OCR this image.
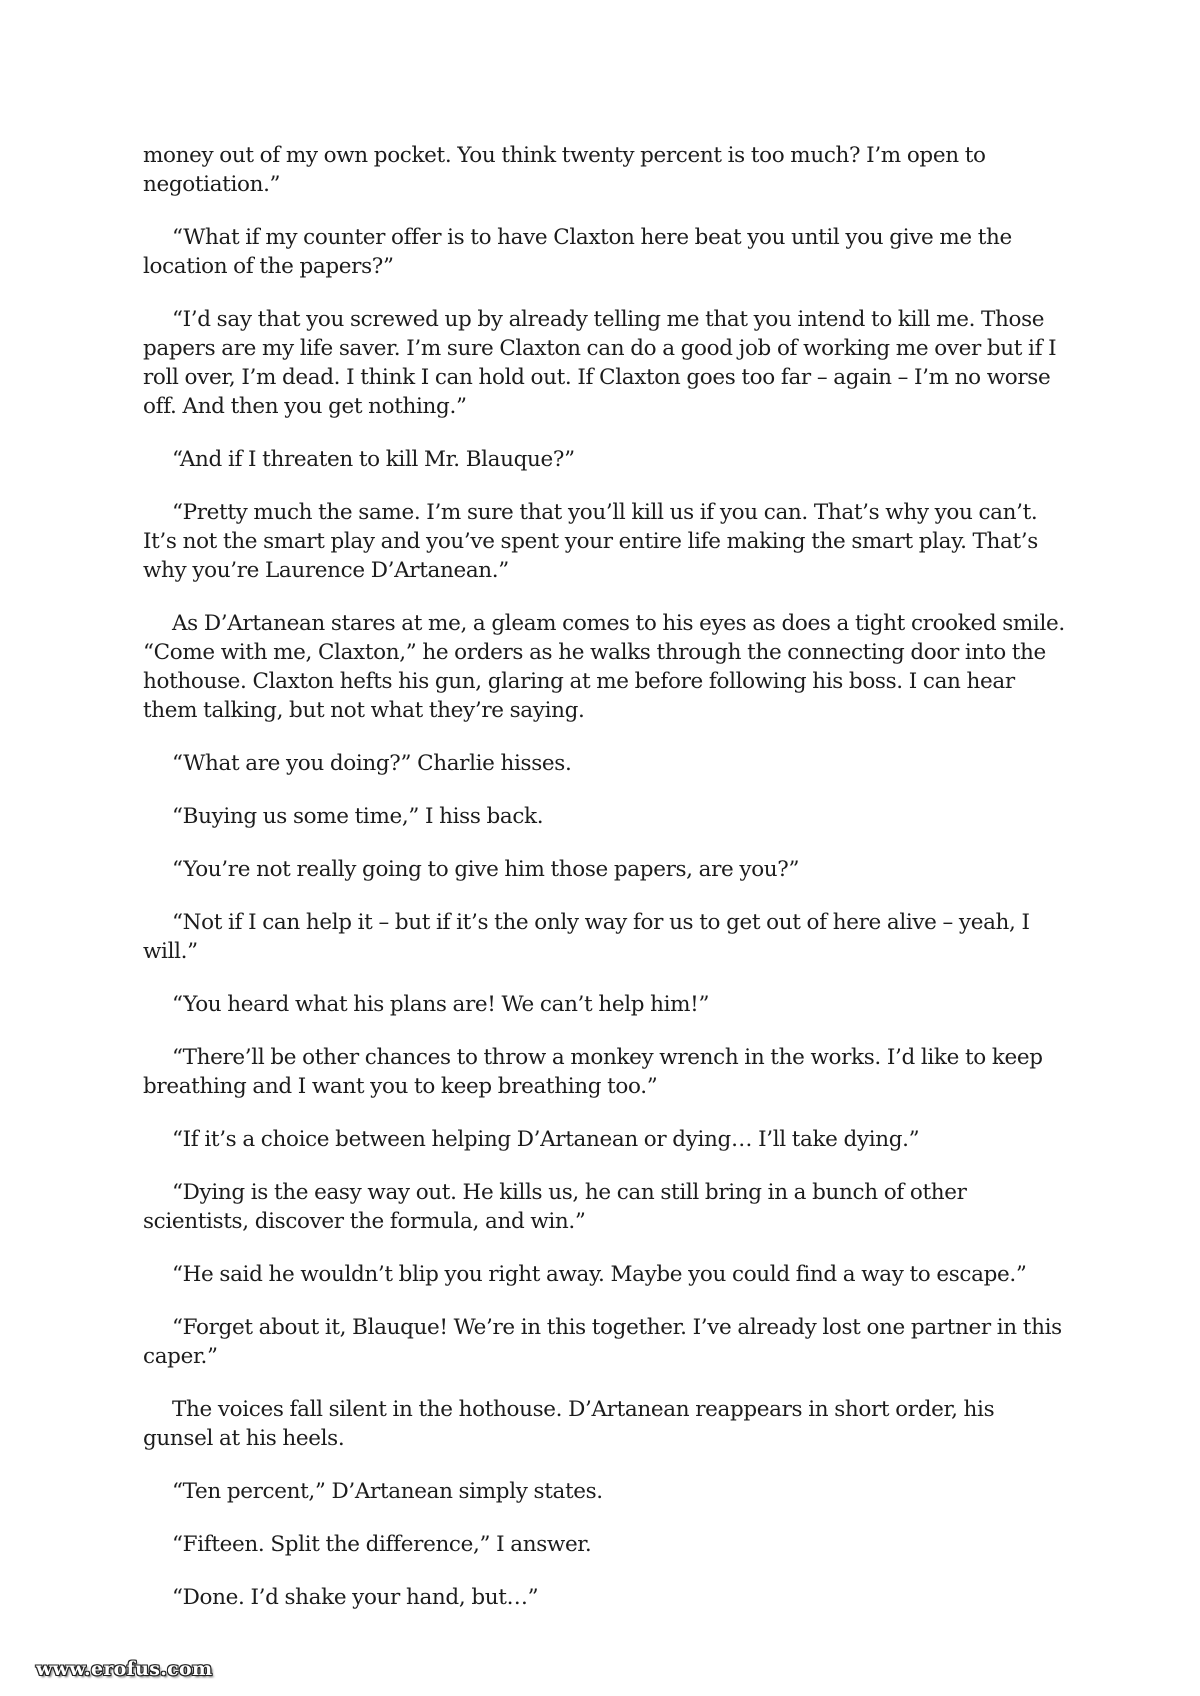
money out of my own pocket. You think twenty percent is too much? I’m open to negotiation.”

“What if my counter offer is to have Claxton here beat you until you give me the location of the papers?”

“I’d say that you screwed up by already telling me that you intend to kill me. Those papers are my life saver. I’m sure Claxton can do a good job of working me over but if I roll over, I’m dead. I think I can hold out. If Claxton goes too far – again – I’m no worse off. And then you get nothing.”

“And if I threaten to kill Mr. Blauque?”

“Pretty much the same. I’m sure that you’ll kill us if you can. That’s why you can’t. It’s not the smart play and you’ve spent your entire life making the smart play. That’s why you’re Laurence D’Artanean.”

As D’Artanean stares at me, a gleam comes to his eyes as does a tight crooked smile. “Come with me, Claxton,” he orders as he walks through the connecting door into the hothouse. Claxton hefts his gun, glaring at me before following his boss. I can hear them talking, but not what they’re saying.

“What are you doing?” Charlie hisses.

“Buying us some time,” I hiss back.

“You’re not really going to give him those papers, are you?”

“Not if I can help it – but if it’s the only way for us to get out of here alive – yeah, I will.”

“You heard what his plans are! We can’t help him!”

“There’ll be other chances to throw a monkey wrench in the works. I’d like to keep breathing and I want you to keep breathing too.”

“If it’s a choice between helping D’Artanean or dying… I’ll take dying.”

“Dying is the easy way out. He kills us, he can still bring in a bunch of other scientists, discover the formula, and win.”

“He said he wouldn’t blip you right away. Maybe you could find a way to escape.”

“Forget about it, Blauque! We’re in this together. I’ve already lost one partner in this caper.”

The voices fall silent in the hothouse. D’Artanean reappears in short order, his gunsel at his heels.

“Ten percent,” D’Artanean simply states.

“Fifteen. Split the difference,” I answer.

“Done. I’d shake your hand, but…”

www.erofus.com
